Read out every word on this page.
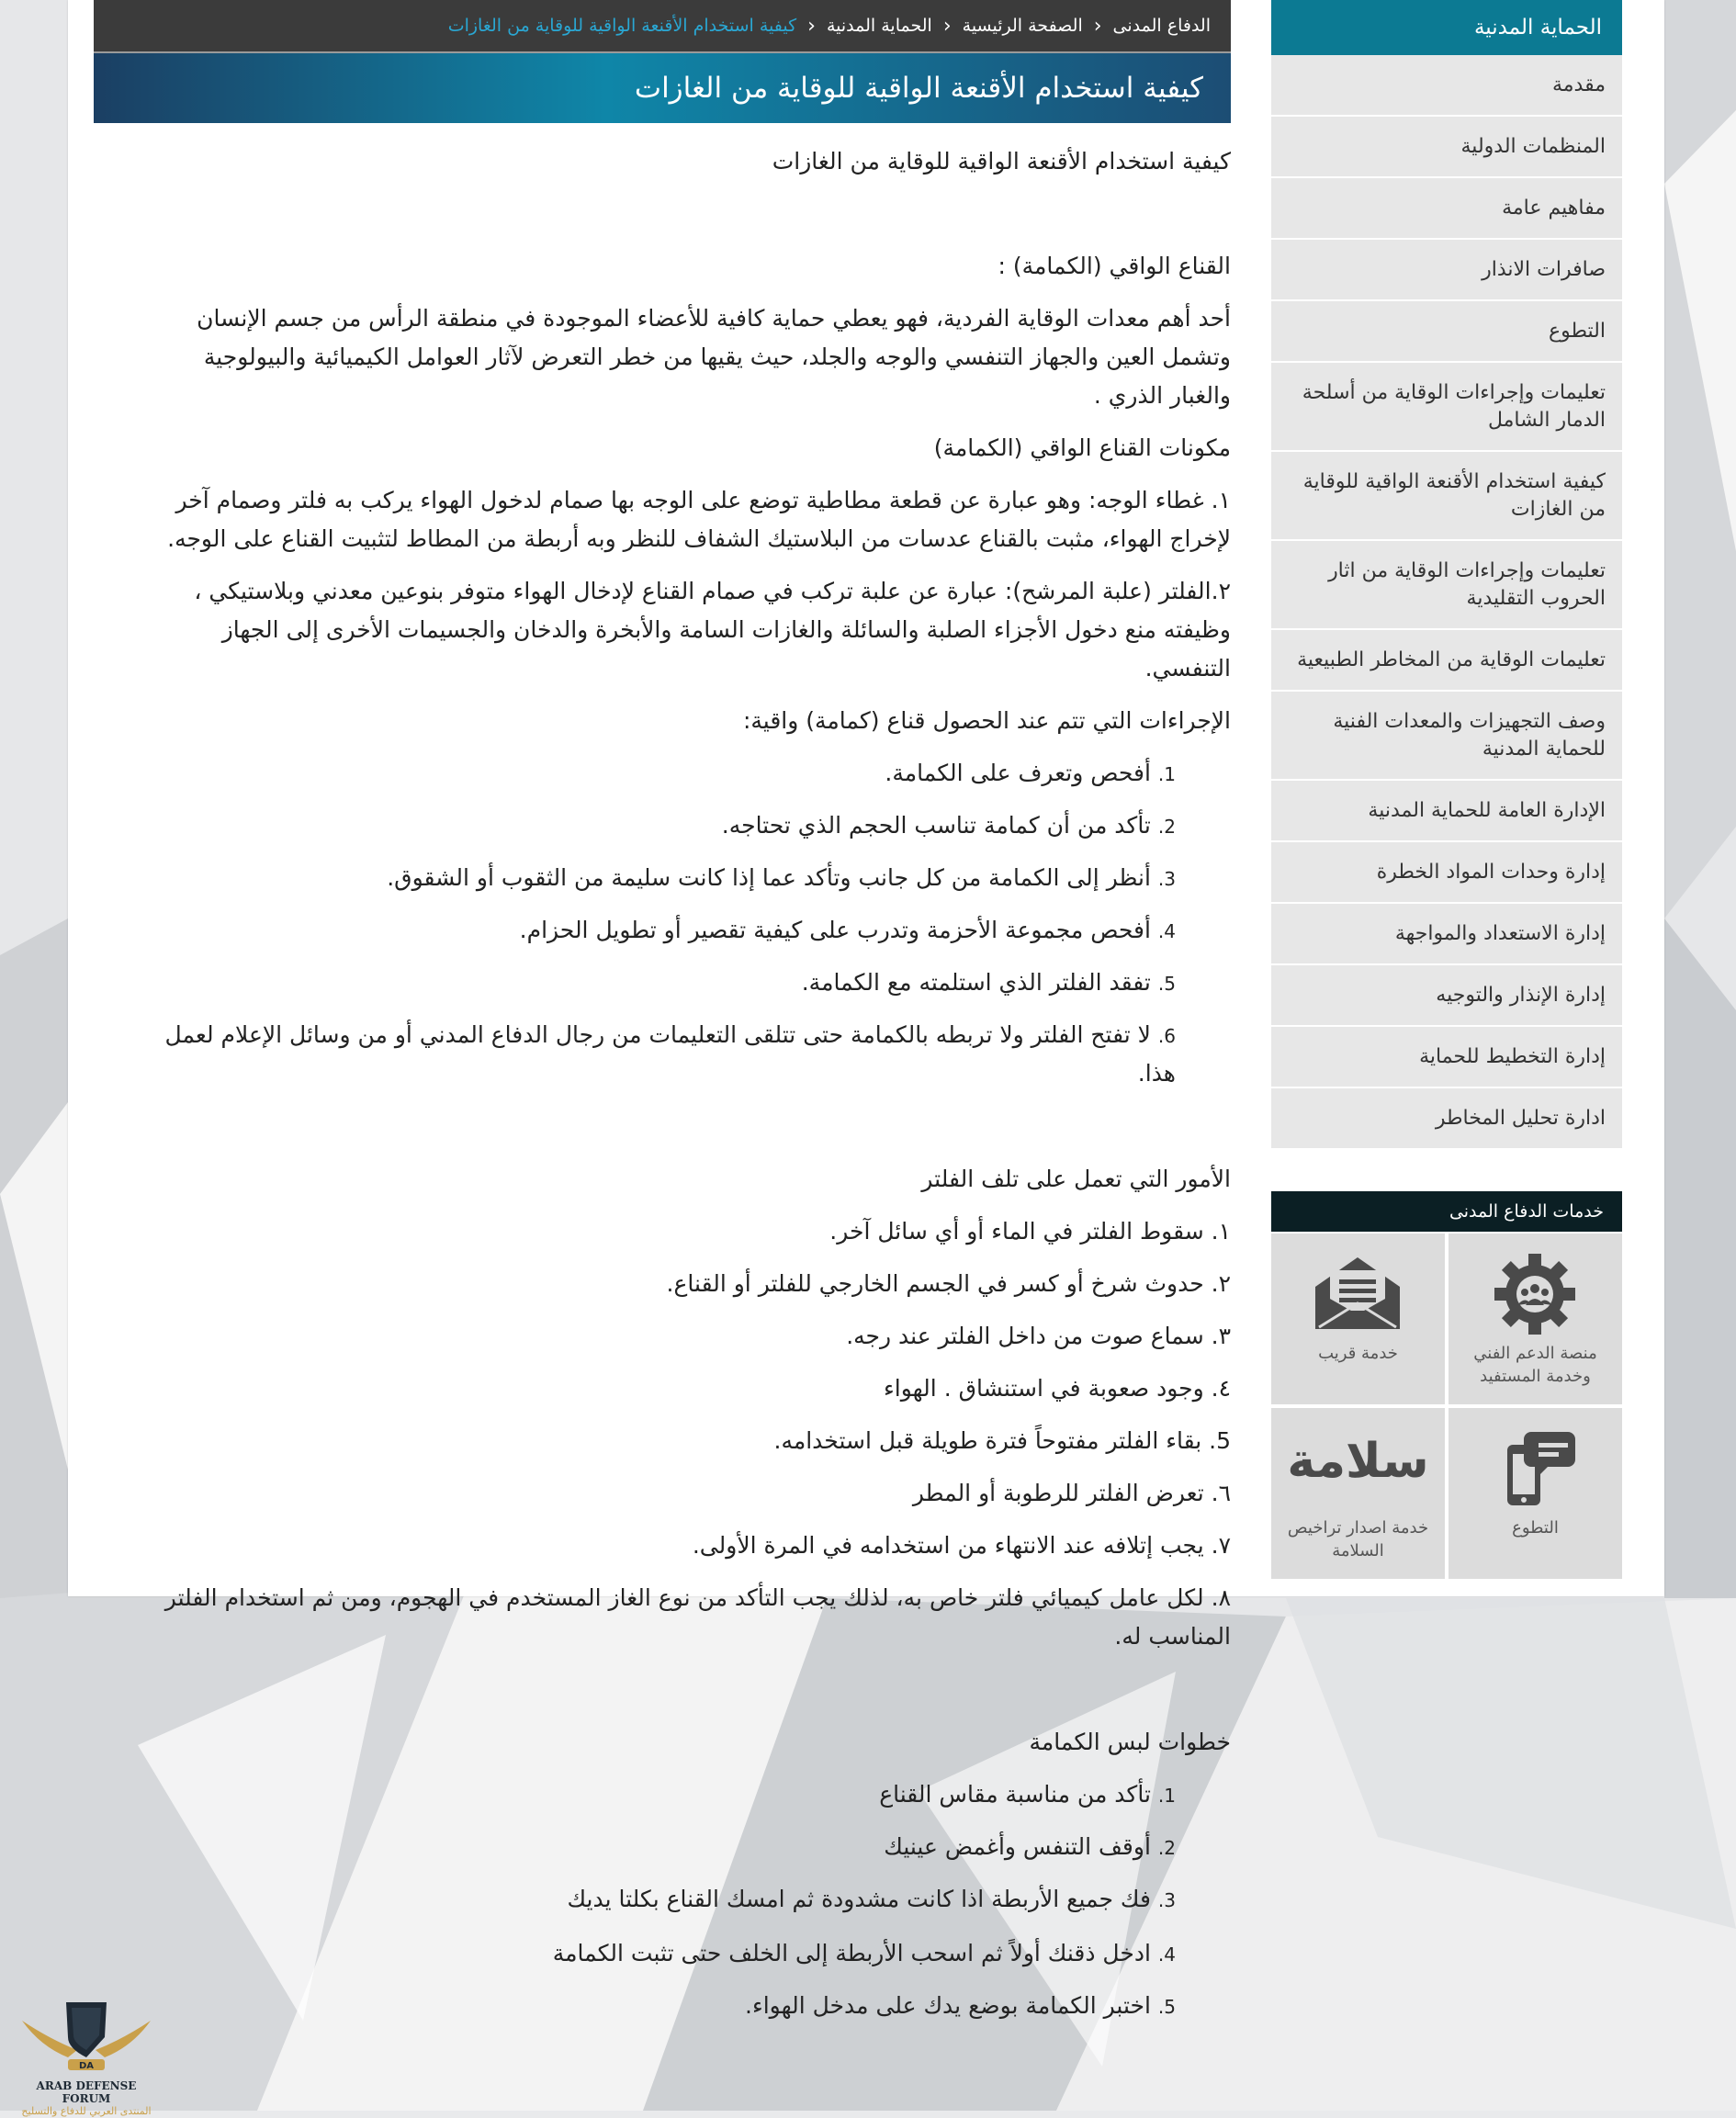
الدفاع المدنى
‹
الصفحة الرئيسية
‹
الحماية المدنية
‹
كيفية استخدام الأقنعة الواقية للوقاية من الغازات
كيفية استخدام الأقنعة الواقية للوقاية من الغازات

كيفية استخدام الأقنعة الواقية للوقاية من الغازات

القناع الواقي (الكمامة) :

أحد أهم معدات الوقاية الفردية، فهو يعطي حماية كافية للأعضاء الموجودة في منطقة الرأس من جسم الإنسان

وتشمل العين والجهاز التنفسي والوجه والجلد، حيث يقيها من خطر التعرض لآثار العوامل الكيميائية والبيولوجية

والغبار الذري .

مكونات القناع الواقي (الكمامة)

١. غطاء الوجه: وهو عبارة عن قطعة مطاطية توضع على الوجه بها صمام لدخول الهواء يركب به فلتر وصمام آخر

لإخراج الهواء، مثبت بالقناع عدسات من البلاستيك الشفاف للنظر وبه أربطة من المطاط لتثبيت القناع على الوجه.

٢.الفلتر (علبة المرشح): عبارة عن علبة تركب في صمام القناع لإدخال الهواء متوفر بنوعين معدني وبلاستيكي ،

وظيفته منع دخول الأجزاء الصلبة والسائلة والغازات السامة والأبخرة والدخان والجسيمات الأخرى إلى الجهاز

التنفسي.

الإجراءات التي تتم عند الحصول قناع (كمامة) واقية:

1.أفحص وتعرف على الكمامة.

2.تأكد من أن كمامة تناسب الحجم الذي تحتاجه.

3.أنظر إلى الكمامة من كل جانب وتأكد عما إذا كانت سليمة من الثقوب أو الشقوق.

4.أفحص مجموعة الأحزمة وتدرب على كيفية تقصير أو تطويل الحزام.

5.تفقد الفلتر الذي استلمته مع الكمامة.

6.لا تفتح الفلتر ولا تربطه بالكمامة حتى تتلقى التعليمات من رجال الدفاع المدني أو من وسائل الإعلام لعمل

هذا.

الأمور التي تعمل على تلف الفلتر

١. سقوط الفلتر في الماء أو أي سائل آخر.

٢. حدوث شرخ أو كسر في الجسم الخارجي للفلتر أو القناع.

٣. سماع صوت من داخل الفلتر عند رجه.

٤. وجود صعوبة في استنشاق . الهواء

5. بقاء الفلتر مفتوحاً فترة طويلة قبل استخدامه.

٦. تعرض الفلتر للرطوبة أو المطر

٧. يجب إتلافه عند الانتهاء من استخدامه في المرة الأولى.

٨. لكل عامل كيميائي فلتر خاص به، لذلك يجب التأكد من نوع الغاز المستخدم في الهجوم، ومن ثم استخدام الفلتر

المناسب له.

خطوات لبس الكمامة

1.تأكد من مناسبة مقاس القناع

2.أوقف التنفس وأغمض عينيك

3.فك جميع الأربطة اذا كانت مشدودة ثم امسك القناع بكلتا يديك

4.ادخل ذقنك أولاً ثم اسحب الأربطة إلى الخلف حتى تثبت الكمامة

5.اختبر الكمامة بوضع يدك على مدخل الهواء.

الحماية المدنية
مقدمة
المنظمات الدولية
مفاهيم عامة
صافرات الانذار
التطوع
تعليمات وإجراءات الوقاية من أسلحة الدمار الشامل
كيفية استخدام الأقنعة الواقية للوقاية من الغازات
تعليمات وإجراءات الوقاية من اثار الحروب التقليدية
تعليمات الوقاية من المخاطر الطبيعية
وصف التجهيزات والمعدات الفنية للحماية المدنية
الإدارة العامة للحماية المدنية
إدارة وحدات المواد الخطرة
إدارة الاستعداد والمواجهة
إدارة الإنذار والتوجيه
إدارة التخطيط للحماية
ادارة تحليل المخاطر
خدمات الدفاع المدنى
منصة الدعم الفني وخدمة المستفيد
خدمة قريب
التطوع
سلامة
خدمة اصدار تراخيص السلامة
DA
ARAB DEFENSE FORUM
المنتدى العربي للدفاع والتسليح
